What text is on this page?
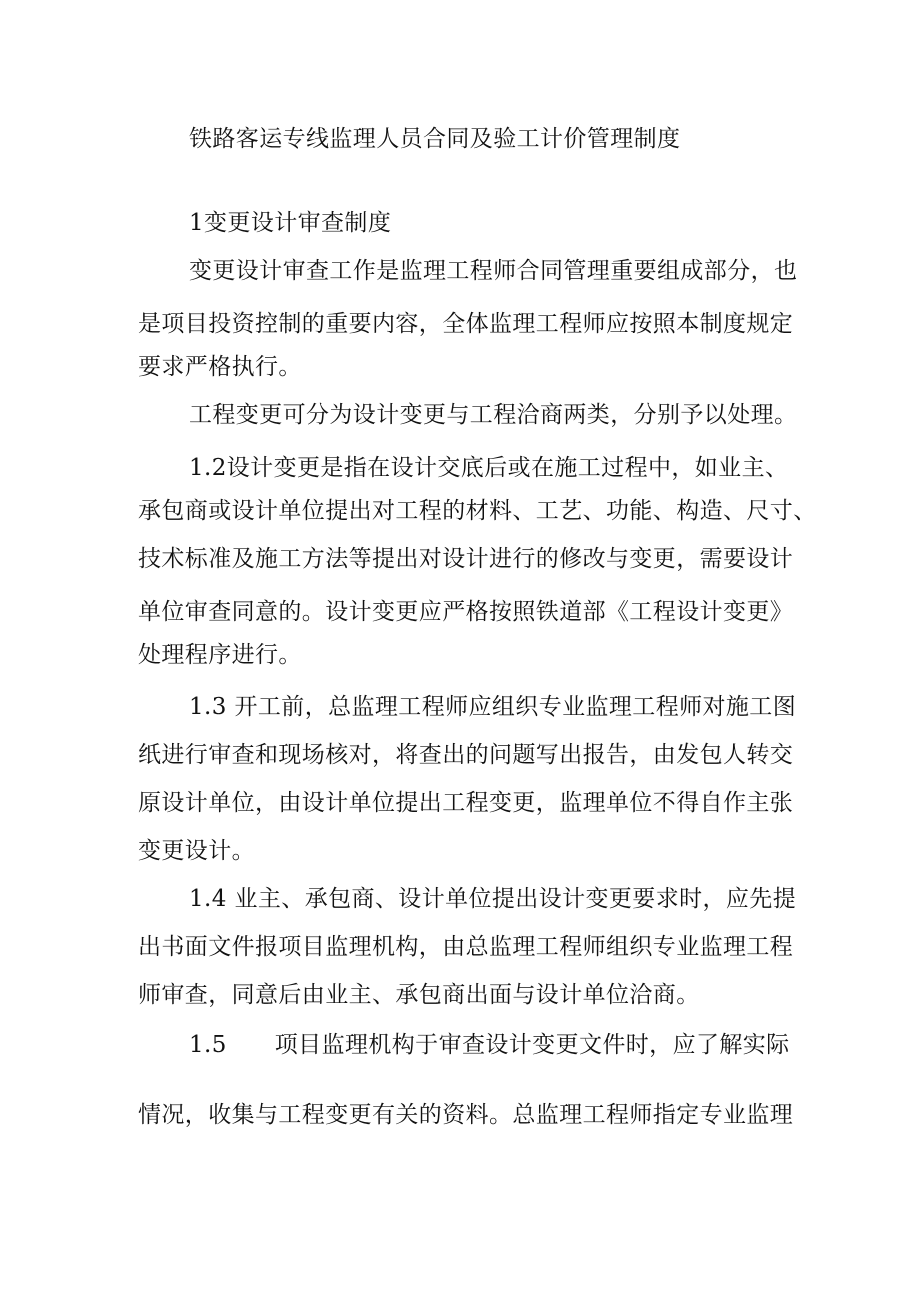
铁路客运专线监理人员合同及验工计价管理制度
1变更设计审查制度
变更设计审查工作是监理工程师合同管理重要组成部分，也
是项目投资控制的重要内容，全体监理工程师应按照本制度规定
要求严格执行。
工程变更可分为设计变更与工程洽商两类，分别予以处理。
1.2设计变更是指在设计交底后或在施工过程中，如业主、
承包商或设计单位提出对工程的材料、工艺、功能、构造、尺寸、
技术标准及施工方法等提出对设计进行的修改与变更，需要设计
单位审查同意的。设计变更应严格按照铁道部《工程设计变更》
处理程序进行。
1.3 开工前，总监理工程师应组织专业监理工程师对施工图
纸进行审查和现场核对，将查出的问题写出报告，由发包人转交
原设计单位，由设计单位提出工程变更，监理单位不得自作主张
变更设计。
1.4 业主、承包商、设计单位提出设计变更要求时，应先提
出书面文件报项目监理机构，由总监理工程师组织专业监理工程
师审查，同意后由业主、承包商出面与设计单位洽商。
1.5 项目监理机构于审查设计变更文件时，应了解实际
情况，收集与工程变更有关的资料。总监理工程师指定专业监理
